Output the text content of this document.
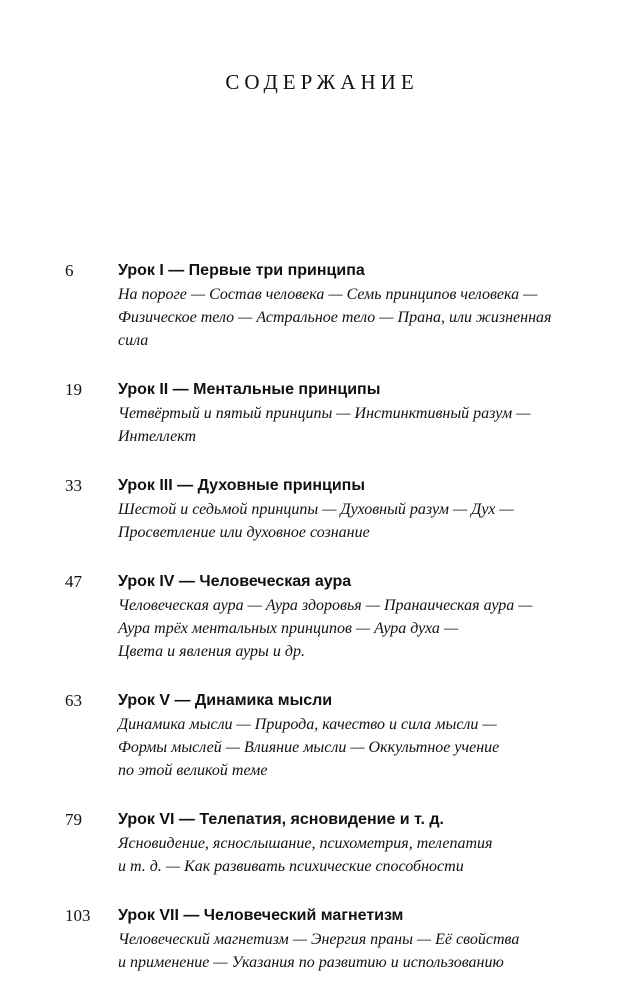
СОДЕРЖАНИЕ
6	Урок I — Первые три принципа
На пороге — Состав человека — Семь принципов человека —
Физическое тело — Астральное тело — Прана, или жизненная
сила
19 Урок II — Ментальные принципы
Четвёртый и пятый принципы — Инстинктивный разум —
Интеллект
33 Урок III — Духовные принципы
Шестой и седьмой принципы — Духовный разум — Дух —
Просветление или духовное сознание
47 Урок IV — Человеческая аура
Человеческая аура — Аура здоровья — Пранаическая аура —
Аура трёх ментальных принципов — Аура духа —
Цвета и явления ауры и др.
63 Урок V — Динамика мысли
Динамика мысли — Природа, качество и сила мысли —
Формы мыслей — Влияние мысли — Оккультное учение
по этой великой теме
79 Урок VI — Телепатия, ясновидение и т. д.
Ясновидение, яснослышание, психометрия, телепатия
и т. д. — Как развивать психические способности
103 Урок VII — Человеческий магнетизм
Человеческий магнетизм — Энергия праны — Её свойства
и применение — Указания по развитию и использованию
